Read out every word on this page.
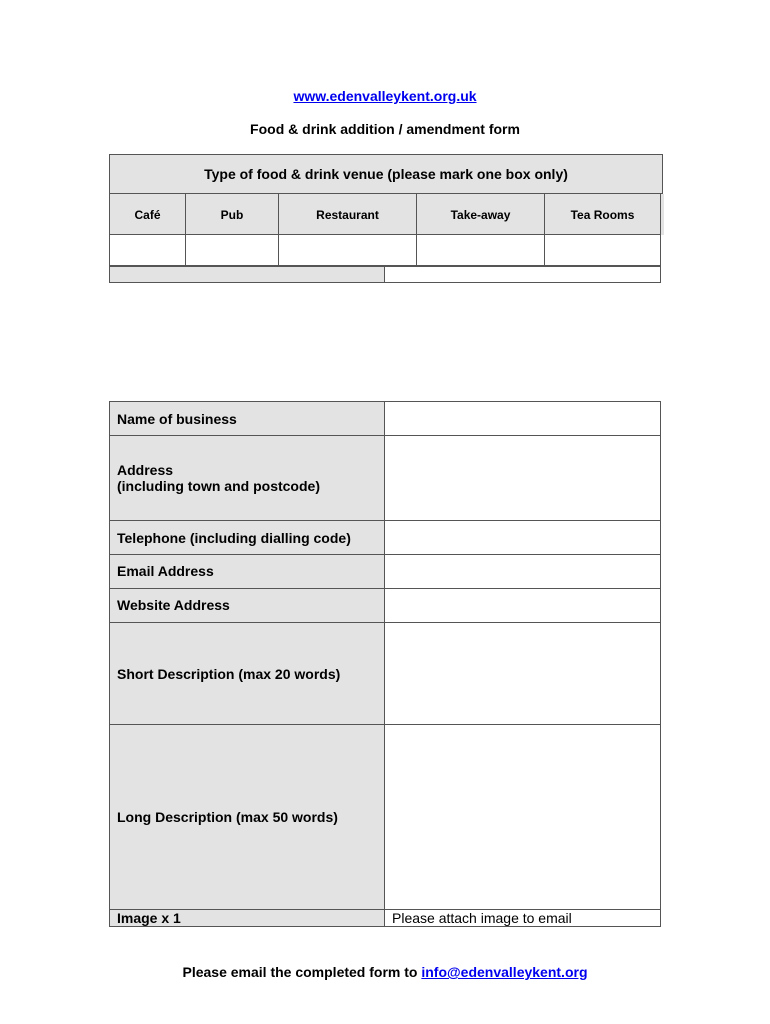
www.edenvalleykent.org.uk
Food & drink addition / amendment form
Type of food & drink venue (please mark one box only)
Café	Pub	Restaurant	Take-away	Tea Rooms
Name of business
Address
(including town and postcode)
Telephone (including dialling code)
Email Address
Website Address
Short Description (max 20 words)
Long Description (max 50 words)
Image x 1	Please attach image to email
Please email the completed form to info@edenvalleykent.org
